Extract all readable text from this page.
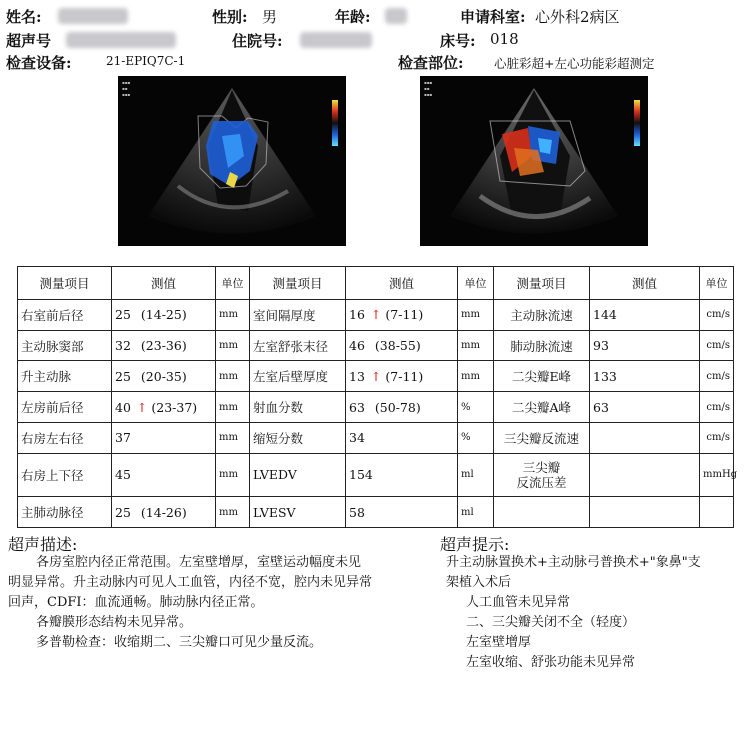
姓名:	性别: 男	年龄:	申请科室: 心外科2病区
超声号	住院号:	床号: 018
检查设备:	21-EPIQ7C-1	检查部位: 心脏彩超+左心功能彩超测定
▪▪▪
▪▪
▪▪▪
▪▪▪
▪▪
▪▪▪
测量项目	测值	单位	测量项目	测值	单位	测量项目	测值	单位
右室前后径	25 (14-25)	mm	室间隔厚度	16 ↑ (7-11)	mm	主动脉流速	144	cm/s
主动脉窦部	32 (23-36)	mm	左室舒张末径	46 (38-55)	mm	肺动脉流速	93	cm/s
升主动脉	25 (20-35)	mm	左室后壁厚度	13 ↑ (7-11)	mm	二尖瓣E峰	133	cm/s
左房前后径	40 ↑ (23-37)	mm	射血分数	63 (50-78)	%	二尖瓣A峰	63	cm/s
右房左右径	37	mm	缩短分数	34	%	三尖瓣反流速		cm/s
右房上下径	45	mm	LVEDV	154	ml	三尖瓣
反流压差		mmHg
主肺动脉径	25 (14-26)	mm	LVESV	58	ml			
超声描述:
各房室腔内径正常范围。左室壁增厚，室壁运动幅度未见
明显异常。升主动脉内可见人工血管，内径不宽，腔内未见异常
回声，CDFI：血流通畅。肺动脉内径正常。
各瓣膜形态结构未见异常。
多普勒检查：收缩期二、三尖瓣口可见少量反流。
超声提示:
升主动脉置换术+主动脉弓普换术+"象鼻"支
架植入术后
人工血管未见异常
二、三尖瓣关闭不全（轻度）
左室壁增厚
左室收缩、舒张功能未见异常
